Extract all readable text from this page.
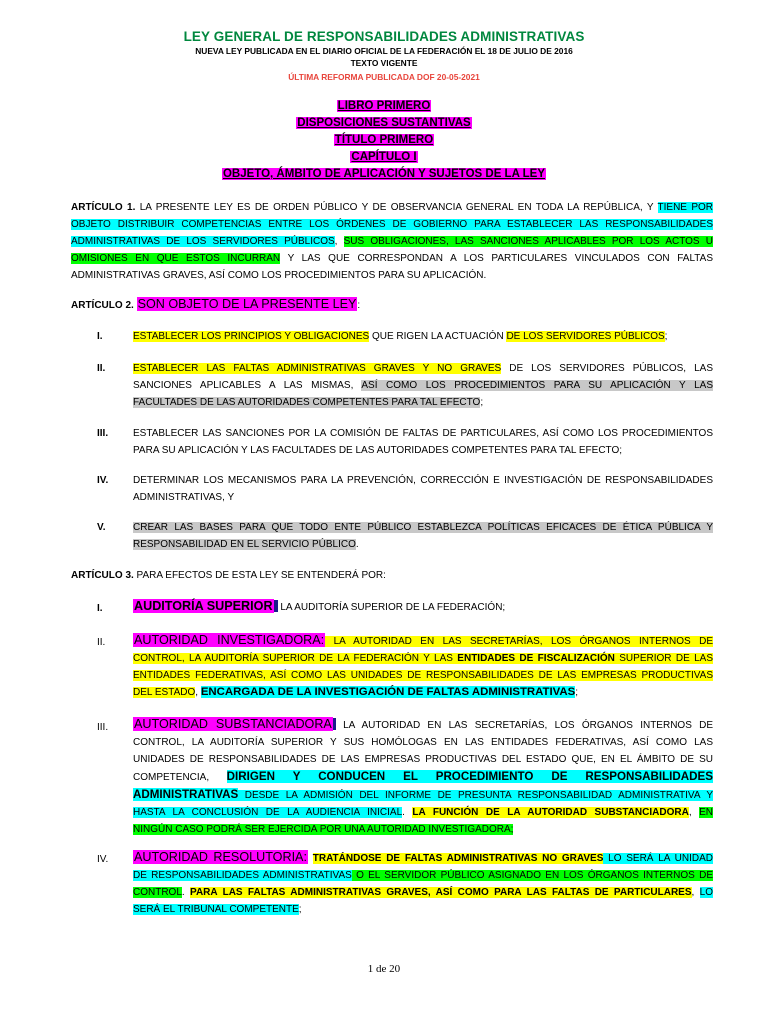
LEY GENERAL DE RESPONSABILIDADES ADMINISTRATIVAS
NUEVA LEY PUBLICADA EN EL DIARIO OFICIAL DE LA FEDERACIÓN EL 18 DE JULIO DE 2016
TEXTO VIGENTE
ÚLTIMA REFORMA PUBLICADA DOF 20-05-2021
LIBRO PRIMERO
DISPOSICIONES SUSTANTIVAS
TÍTULO PRIMERO
CAPÍTULO I
OBJETO, ÁMBITO DE APLICACIÓN Y SUJETOS DE LA LEY
ARTÍCULO 1. LA PRESENTE LEY ES DE ORDEN PÚBLICO Y DE OBSERVANCIA GENERAL EN TODA LA REPÚBLICA, Y TIENE POR
OBJETO DISTRIBUIR COMPETENCIAS ENTRE LOS ÓRDENES DE GOBIERNO PARA ESTABLECER LAS RESPONSABILIDADES
ADMINISTRATIVAS DE LOS SERVIDORES PÚBLICOS, SUS OBLIGACIONES, LAS SANCIONES APLICABLES POR LOS ACTOS U
OMISIONES EN QUE ESTOS INCURRAN Y LAS QUE CORRESPONDAN A LOS PARTICULARES VINCULADOS CON FALTAS
ADMINISTRATIVAS GRAVES, ASÍ COMO LOS PROCEDIMIENTOS PARA SU APLICACIÓN.
ARTÍCULO 2. SON OBJETO DE LA PRESENTE LEY:
I.	ESTABLECER LOS PRINCIPIOS Y OBLIGACIONES QUE RIGEN LA ACTUACIÓN DE LOS SERVIDORES PÚBLICOS;
II.	ESTABLECER LAS FALTAS ADMINISTRATIVAS GRAVES Y NO GRAVES DE LOS SERVIDORES PÚBLICOS, LAS
SANCIONES APLICABLES A LAS MISMAS, ASÍ COMO LOS PROCEDIMIENTOS PARA SU APLICACIÓN Y LAS
FACULTADES DE LAS AUTORIDADES COMPETENTES PARA TAL EFECTO;
III. ESTABLECER LAS SANCIONES POR LA COMISIÓN DE FALTAS DE PARTICULARES, ASÍ COMO LOS PROCEDIMIENTOS
PARA SU APLICACIÓN Y LAS FACULTADES DE LAS AUTORIDADES COMPETENTES PARA TAL EFECTO;
IV. DETERMINAR LOS MECANISMOS PARA LA PREVENCIÓN, CORRECCIÓN E INVESTIGACIÓN DE RESPONSABILIDADES
ADMINISTRATIVAS, Y
V.	CREAR LAS BASES PARA QUE TODO ENTE PÚBLICO ESTABLEZCA POLÍTICAS EFICACES DE ÉTICA PÚBLICA Y
RESPONSABILIDAD EN EL SERVICIO PÚBLICO.
ARTÍCULO 3. PARA EFECTOS DE ESTA LEY SE ENTENDERÁ POR:
I. AUDITORÍA SUPERIOR LA AUDITORÍA SUPERIOR DE LA FEDERACIÓN;
II. AUTORIDAD INVESTIGADORA: LA AUTORIDAD EN LAS SECRETARÍAS, LOS ÓRGANOS INTERNOS DE
CONTROL, LA AUDITORÍA SUPERIOR DE LA FEDERACIÓN Y LAS ENTIDADES DE FISCALIZACIÓN SUPERIOR DE LAS
ENTIDADES FEDERATIVAS, ASÍ COMO LAS UNIDADES DE RESPONSABILIDADES DE LAS EMPRESAS PRODUCTIVAS
DEL ESTADO, ENCARGADA DE LA INVESTIGACIÓN DE FALTAS ADMINISTRATIVAS;
III. AUTORIDAD SUBSTANCIADORA LA AUTORIDAD EN LAS SECRETARÍAS, LOS ÓRGANOS INTERNOS DE
CONTROL, LA AUDITORÍA SUPERIOR Y SUS HOMÓLOGAS EN LAS ENTIDADES FEDERATIVAS, ASÍ COMO LAS
UNIDADES DE RESPONSABILIDADES DE LAS EMPRESAS PRODUCTIVAS DEL ESTADO QUE, EN EL ÁMBITO DE SU
COMPETENCIA, DIRIGEN Y CONDUCEN EL PROCEDIMIENTO DE RESPONSABILIDADES
ADMINISTRATIVAS DESDE LA ADMISIÓN DEL INFORME DE PRESUNTA RESPONSABILIDAD ADMINISTRATIVA Y
HASTA LA CONCLUSIÓN DE LA AUDIENCIA INICIAL. LA FUNCIÓN DE LA AUTORIDAD SUBSTANCIADORA, EN
NINGÚN CASO PODRÁ SER EJERCIDA POR UNA AUTORIDAD INVESTIGADORA;
IV. AUTORIDAD RESOLUTORIA: TRATÁNDOSE DE FALTAS ADMINISTRATIVAS NO GRAVES LO SERÁ LA UNIDAD
DE RESPONSABILIDADES ADMINISTRATIVAS O EL SERVIDOR PÚBLICO ASIGNADO EN LOS ÓRGANOS INTERNOS DE
CONTROL. PARA LAS FALTAS ADMINISTRATIVAS GRAVES, ASÍ COMO PARA LAS FALTAS DE PARTICULARES, LO
SERÁ EL TRIBUNAL COMPETENTE;
1 de 20
